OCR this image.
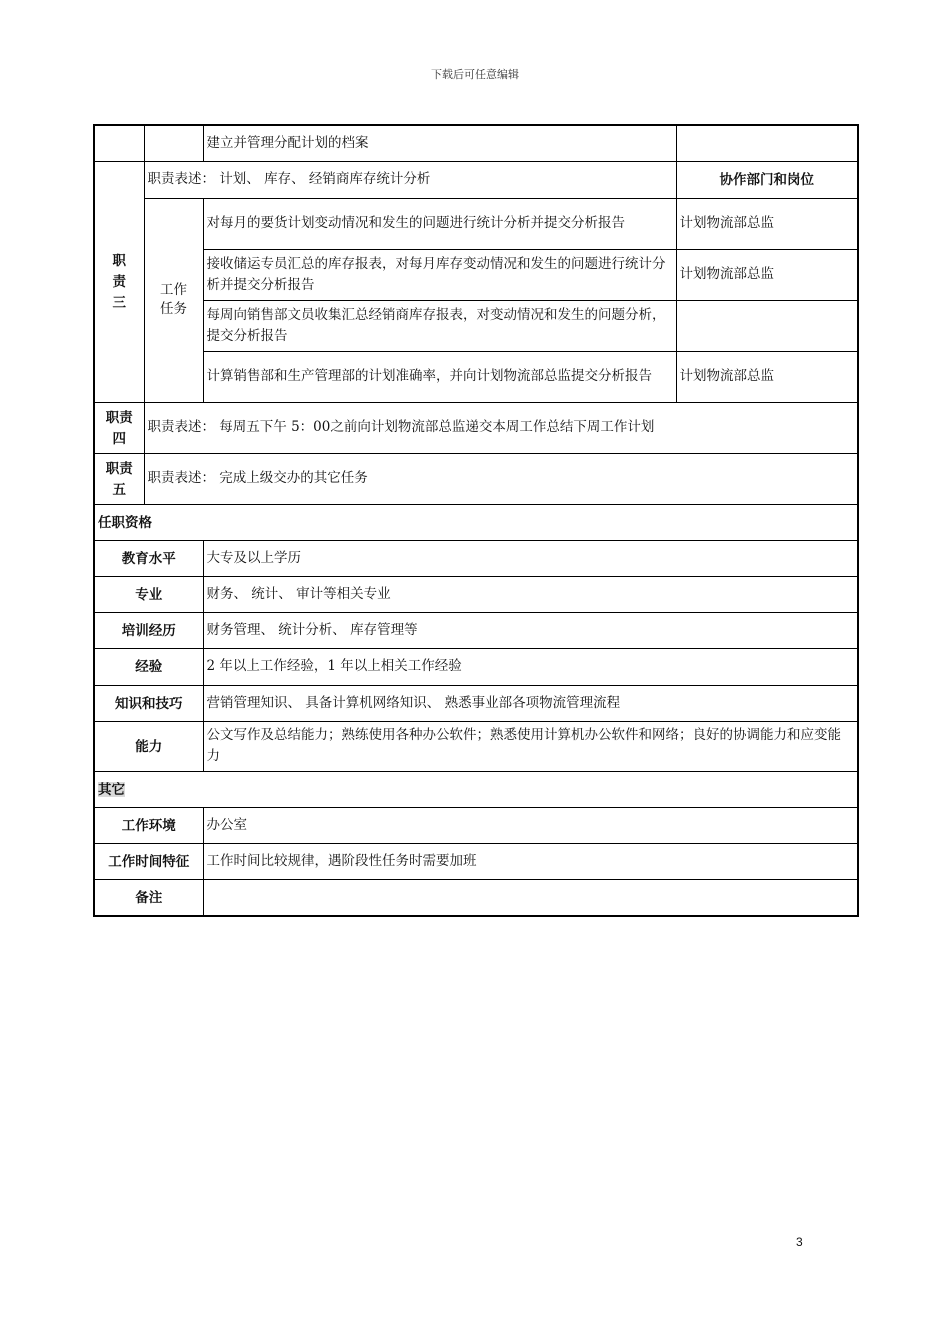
下载后可任意编辑
		建立并管理分配计划的档案	
职
责
三	职责表述： 计划、 库存、 经销商库存统计分析		协作部门和岗位
	工作
任务	对每月的要货计划变动情况和发生的问题进行统计分析并提交分析报告	计划物流部总监
		接收储运专员汇总的库存报表，对每月库存变动情况和发生的问题进行统计分析并提交分析报告	计划物流部总监
		每周向销售部文员收集汇总经销商库存报表，对变动情况和发生的问题分析，提交分析报告	
		计算销售部和生产管理部的计划准确率，并向计划物流部总监提交分析报告	计划物流部总监
职责
四	职责表述： 每周五下午 5：00之前向计划物流部总监递交本周工作总结下周工作计划		
职责
五	职责表述： 完成上级交办的其它任务		
任职资格			
教育水平		大专及以上学历	
专业		财务、 统计、 审计等相关专业	
培训经历		财务管理、 统计分析、 库存管理等	
经验		2 年以上工作经验，1 年以上相关工作经验	
知识和技巧		营销管理知识、 具备计算机网络知识、 熟悉事业部各项物流管理流程	
能力		公文写作及总结能力；熟练使用各种办公软件；熟悉使用计算机办公软件和网络；良好的协调能力和应变能力	
其它			
工作环境		办公室	
工作时间特征		工作时间比较规律，遇阶段性任务时需要加班	
备注			
3
